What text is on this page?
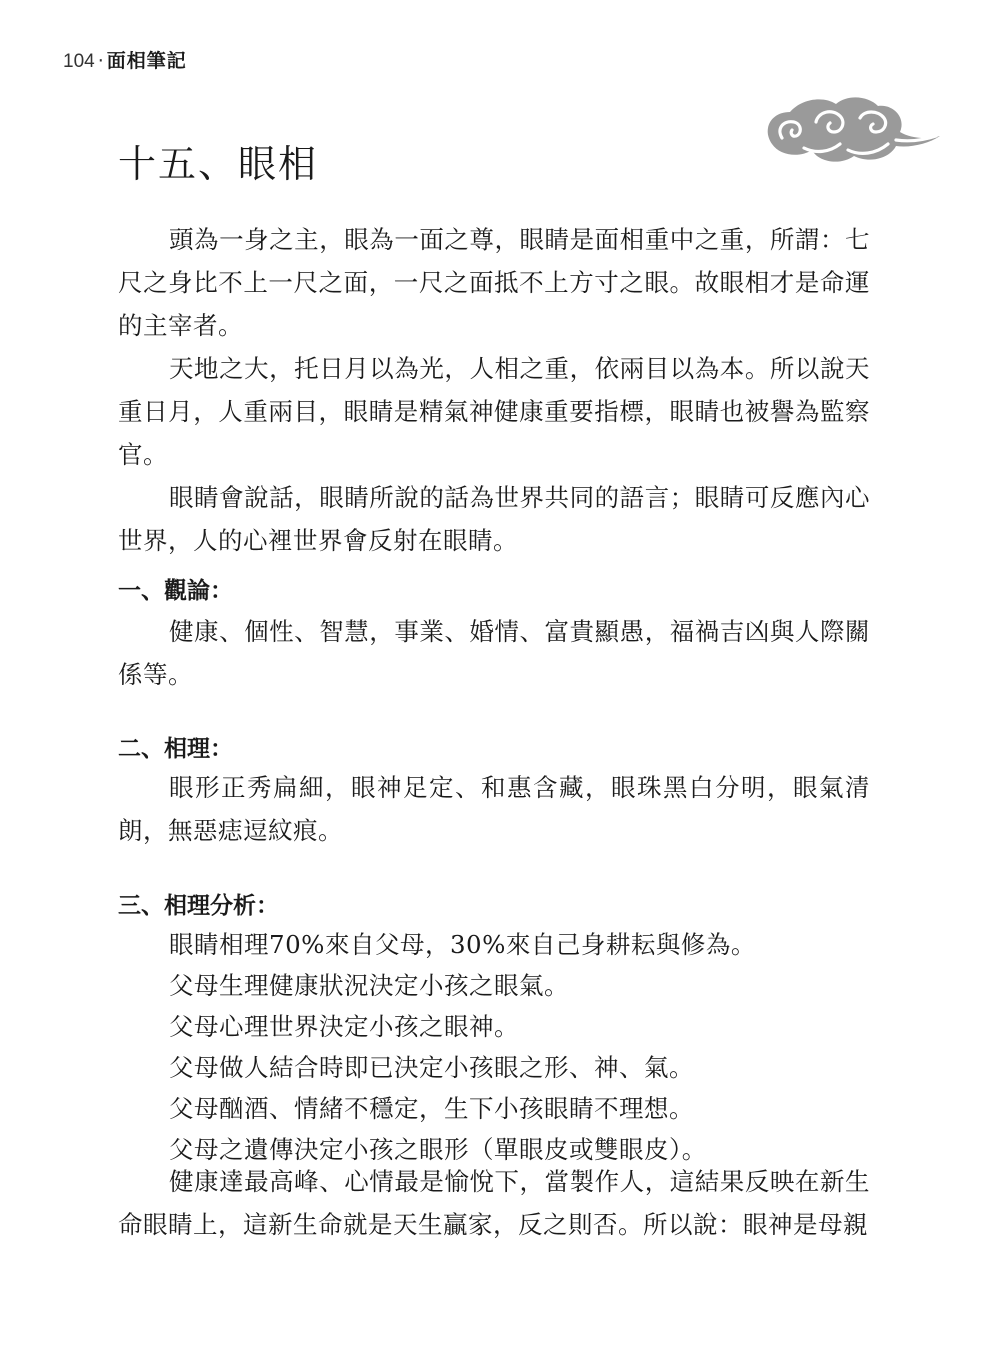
104 · 面相筆記
十五、眼相

頭為一身之主，眼為一面之尊，眼睛是面相重中之重，所謂：七尺之身比不上一尺之面，一尺之面抵不上方寸之眼。故眼相才是命運的主宰者。

天地之大，托日月以為光，人相之重，依兩目以為本。所以說天重日月，人重兩目，眼睛是精氣神健康重要指標，眼睛也被譽為監察官。

眼睛會說話，眼睛所說的話為世界共同的語言；眼睛可反應內心世界，人的心裡世界會反射在眼睛。

一、觀論：

健康、個性、智慧，事業、婚情、富貴顯愚，福禍吉凶與人際關係等。

二、相理：

眼形正秀扁細，眼神足定、和惠含藏，眼珠黑白分明，眼氣清朗，無惡痣逗紋痕。

三、相理分析：
眼睛相理70%來自父母，30%來自己身耕耘與修為。
父母生理健康狀況決定小孩之眼氣。
父母心理世界決定小孩之眼神。
父母做人結合時即已決定小孩眼之形、神、氣。
父母酗酒、情緒不穩定，生下小孩眼睛不理想。
父母之遺傳決定小孩之眼形（單眼皮或雙眼皮）。

健康達最高峰、心情最是愉悅下，當製作人，這結果反映在新生命眼睛上，這新生命就是天生贏家，反之則否。所以說：眼神是母親
